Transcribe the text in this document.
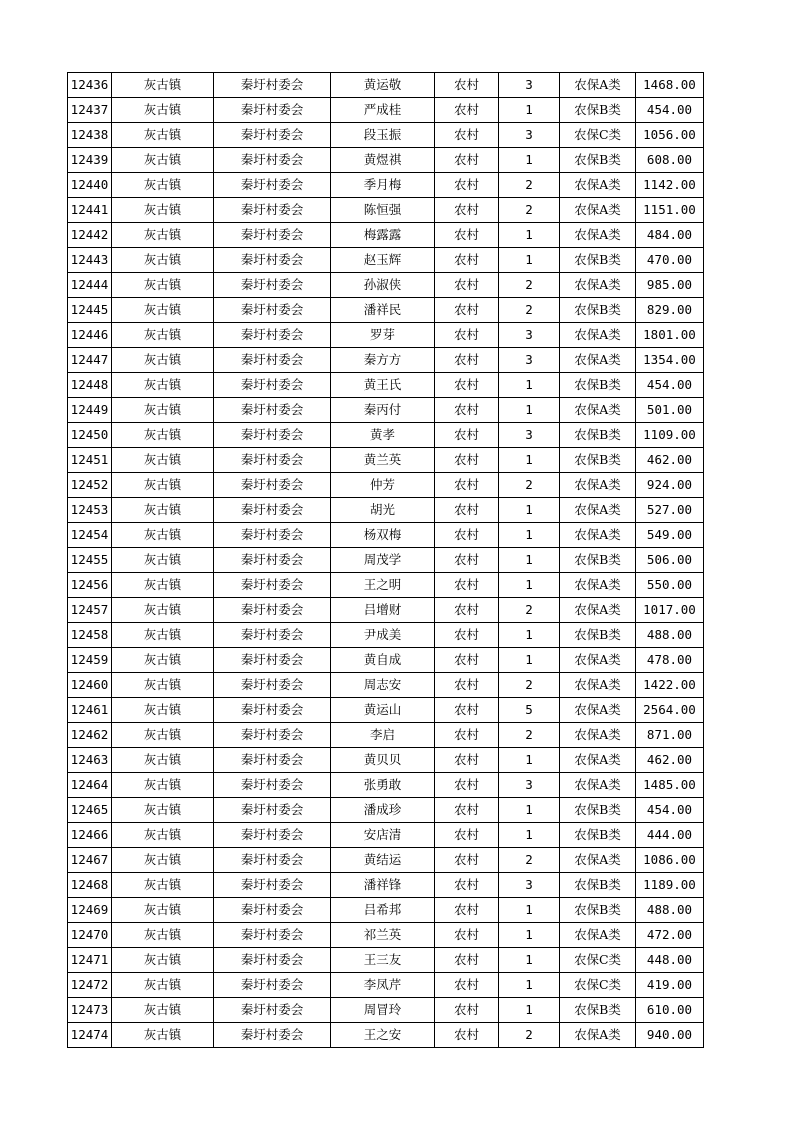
12436	灰古镇	秦圩村委会	黄运敬	农村	3	农保A类	1468.00
12437	灰古镇	秦圩村委会	严成桂	农村	1	农保B类	454.00
12438	灰古镇	秦圩村委会	段玉振	农村	3	农保C类	1056.00
12439	灰古镇	秦圩村委会	黄煜祺	农村	1	农保B类	608.00
12440	灰古镇	秦圩村委会	季月梅	农村	2	农保A类	1142.00
12441	灰古镇	秦圩村委会	陈恒强	农村	2	农保A类	1151.00
12442	灰古镇	秦圩村委会	梅露露	农村	1	农保A类	484.00
12443	灰古镇	秦圩村委会	赵玉辉	农村	1	农保B类	470.00
12444	灰古镇	秦圩村委会	孙淑侠	农村	2	农保A类	985.00
12445	灰古镇	秦圩村委会	潘祥民	农村	2	农保B类	829.00
12446	灰古镇	秦圩村委会	罗芽	农村	3	农保A类	1801.00
12447	灰古镇	秦圩村委会	秦方方	农村	3	农保A类	1354.00
12448	灰古镇	秦圩村委会	黄王氏	农村	1	农保B类	454.00
12449	灰古镇	秦圩村委会	秦丙付	农村	1	农保A类	501.00
12450	灰古镇	秦圩村委会	黄孝	农村	3	农保B类	1109.00
12451	灰古镇	秦圩村委会	黄兰英	农村	1	农保B类	462.00
12452	灰古镇	秦圩村委会	仲芳	农村	2	农保A类	924.00
12453	灰古镇	秦圩村委会	胡光	农村	1	农保A类	527.00
12454	灰古镇	秦圩村委会	杨双梅	农村	1	农保A类	549.00
12455	灰古镇	秦圩村委会	周茂学	农村	1	农保B类	506.00
12456	灰古镇	秦圩村委会	王之明	农村	1	农保A类	550.00
12457	灰古镇	秦圩村委会	吕增财	农村	2	农保A类	1017.00
12458	灰古镇	秦圩村委会	尹成美	农村	1	农保B类	488.00
12459	灰古镇	秦圩村委会	黄自成	农村	1	农保A类	478.00
12460	灰古镇	秦圩村委会	周志安	农村	2	农保A类	1422.00
12461	灰古镇	秦圩村委会	黄运山	农村	5	农保A类	2564.00
12462	灰古镇	秦圩村委会	李启	农村	2	农保A类	871.00
12463	灰古镇	秦圩村委会	黄贝贝	农村	1	农保A类	462.00
12464	灰古镇	秦圩村委会	张勇敢	农村	3	农保A类	1485.00
12465	灰古镇	秦圩村委会	潘成珍	农村	1	农保B类	454.00
12466	灰古镇	秦圩村委会	安店清	农村	1	农保B类	444.00
12467	灰古镇	秦圩村委会	黄结运	农村	2	农保A类	1086.00
12468	灰古镇	秦圩村委会	潘祥锋	农村	3	农保B类	1189.00
12469	灰古镇	秦圩村委会	吕希邦	农村	1	农保B类	488.00
12470	灰古镇	秦圩村委会	祁兰英	农村	1	农保A类	472.00
12471	灰古镇	秦圩村委会	王三友	农村	1	农保C类	448.00
12472	灰古镇	秦圩村委会	李凤芹	农村	1	农保C类	419.00
12473	灰古镇	秦圩村委会	周冒玲	农村	1	农保B类	610.00
12474	灰古镇	秦圩村委会	王之安	农村	2	农保A类	940.00
